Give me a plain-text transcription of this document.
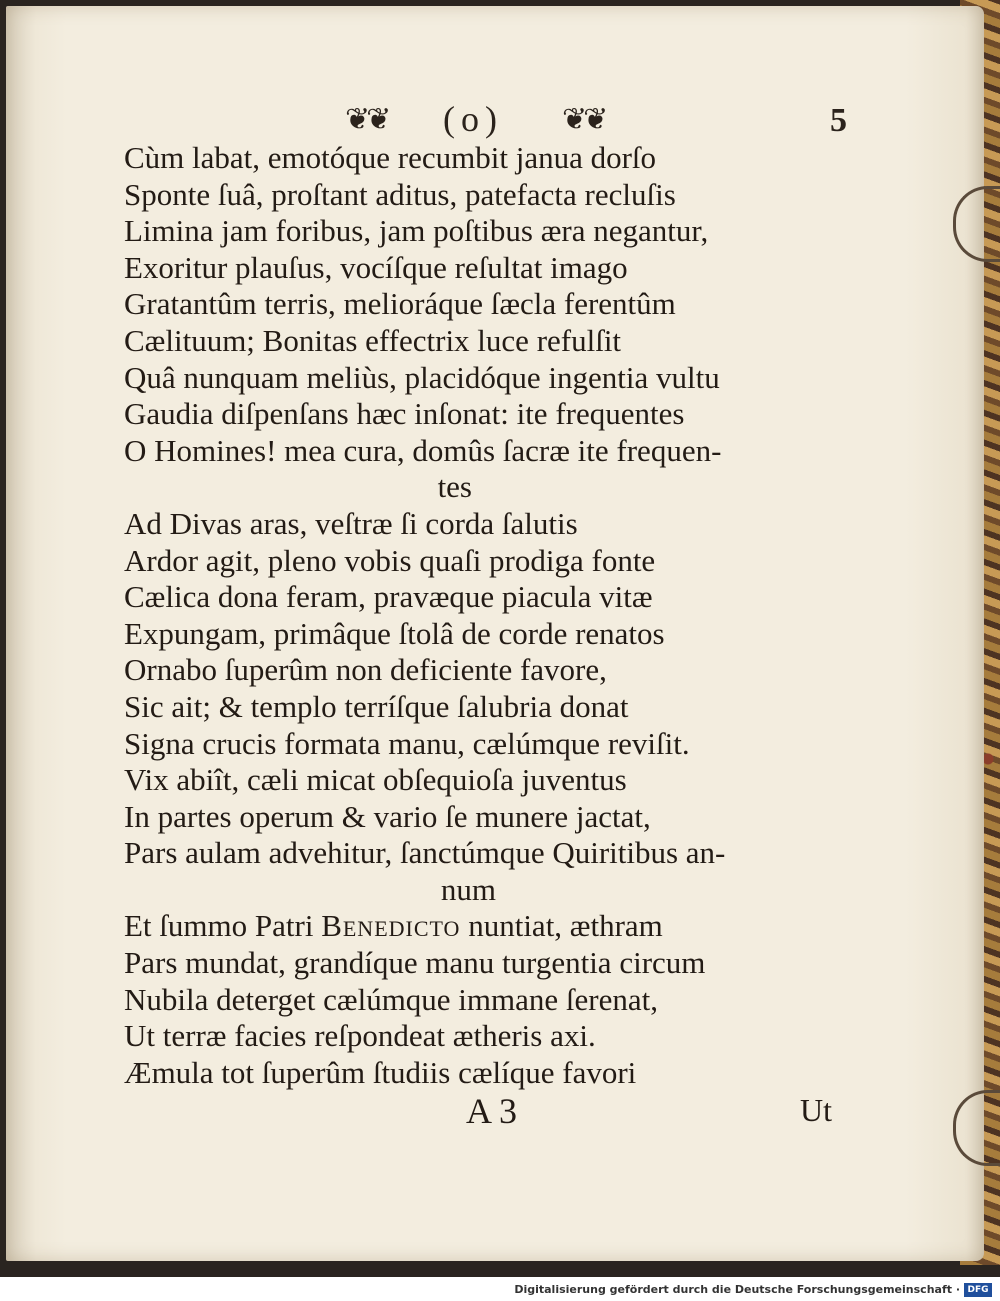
❦❦ (o) ❦❦	5
Cùm labat, emotóque recumbit janua dorſo
Sponte ſuâ, proſtant aditus, patefacta recluſis
Limina jam foribus, jam poſtibus æra negantur,
Exoritur plauſus, vocíſque reſultat imago
Gratantûm terris, melioráque ſæcla ferentûm
Cælituum; Bonitas effectrix luce refulſit
Quâ nunquam meliùs, placidóque ingentia vultu
Gaudia diſpenſans hæc inſonat: ite frequentes
O Homines! mea cura, domûs ſacræ ite frequen-
tes
Ad Divas aras, veſtræ ſi corda ſalutis
Ardor agit, pleno vobis quaſi prodiga fonte
Cælica dona feram, pravæque piacula vitæ
Expungam, primâque ſtolâ de corde renatos
Ornabo ſuperûm non deficiente favore,
Sic ait; & templo terríſque ſalubria donat
Signa crucis formata manu, cælúmque reviſit.
Vix abiît, cæli micat obſequioſa juventus
In partes operum & vario ſe munere jactat,
Pars aulam advehitur, ſanctúmque Quiritibus an-
num
Et ſummo Patri Benedicto nuntiat, æthram
Pars mundat, grandíque manu turgentia circum
Nubila deterget cælúmque immane ſerenat,
Ut terræ facies reſpondeat ætheris axi.
Æmula tot ſuperûm ſtudiis cælíque favori
A 3	Ut
Digitalisierung gefördert durch die Deutsche Forschungsgemeinschaft · DFG
